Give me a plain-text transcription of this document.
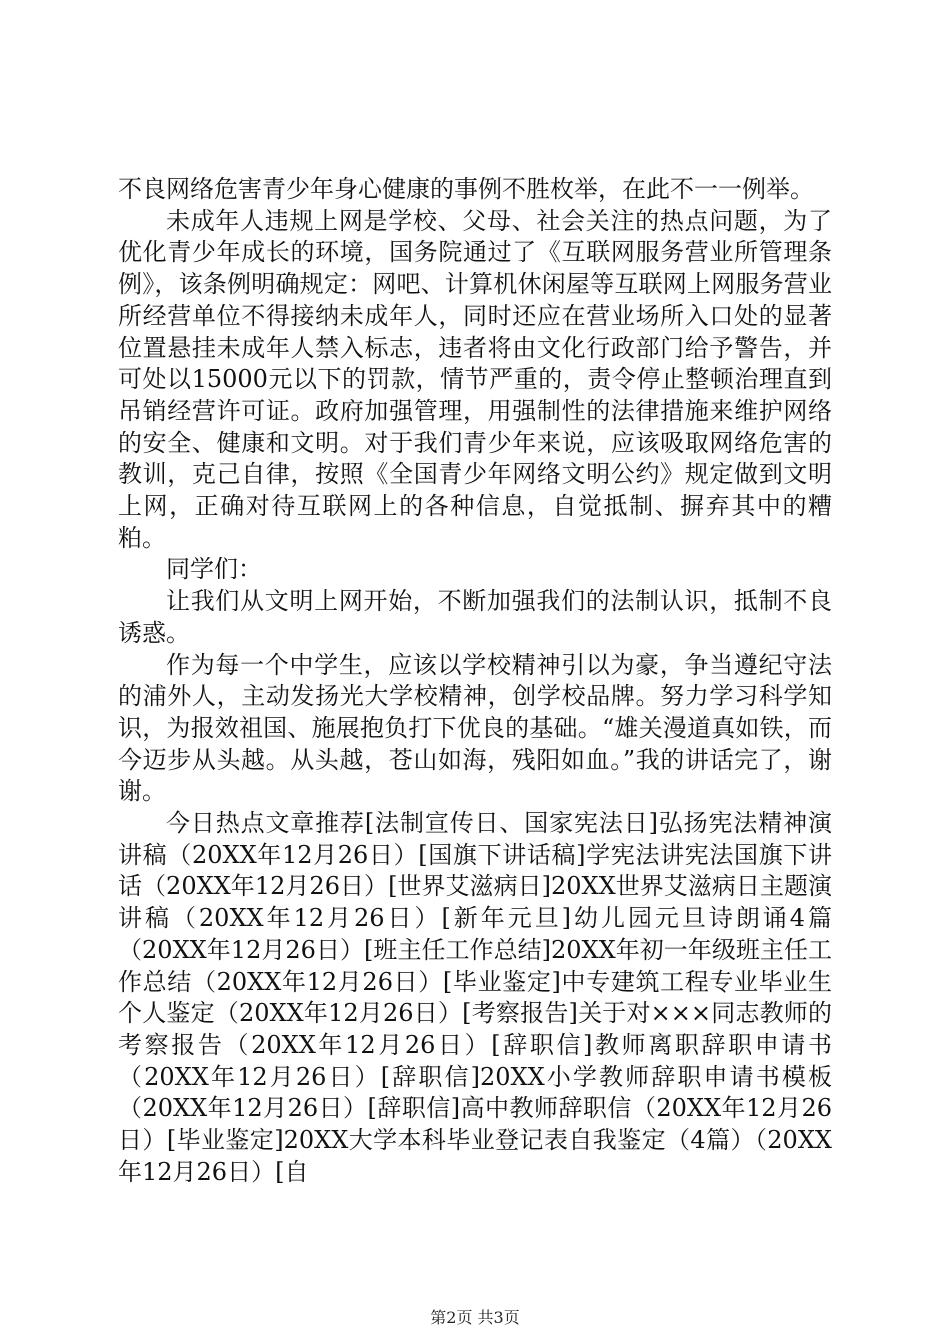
不良网络危害青少年身心健康的事例不胜枚举，在此不一一例举。

未成年人违规上网是学校、父母、社会关注的热点问题，为了优化青少年成长的环境，国务院通过了《互联网服务营业所管理条例》，该条例明确规定：网吧、计算机休闲屋等互联网上网服务营业所经营单位不得接纳未成年人，同时还应在营业场所入口处的显著位置悬挂未成年人禁入标志，违者将由文化行政部门给予警告，并可处以15000元以下的罚款，情节严重的，责令停止整顿治理直到吊销经营许可证。政府加强管理，用强制性的法律措施来维护网络的安全、健康和文明。对于我们青少年来说，应该吸取网络危害的教训，克己自律，按照《全国青少年网络文明公约》规定做到文明上网，正确对待互联网上的各种信息，自觉抵制、摒弃其中的糟粕。

同学们：

让我们从文明上网开始，不断加强我们的法制认识，抵制不良诱惑。

作为每一个中学生，应该以学校精神引以为豪，争当遵纪守法的浦外人，主动发扬光大学校精神，创学校品牌。努力学习科学知识，为报效祖国、施展抱负打下优良的基础。“雄关漫道真如铁，而今迈步从头越。从头越，苍山如海，残阳如血。”我的讲话完了，谢谢。

今日热点文章推荐[法制宣传日、国家宪法日]弘扬宪法精神演讲稿（20XX年12月26日）[国旗下讲话稿]学宪法讲宪法国旗下讲话（20XX年12月26日）[世界艾滋病日]20XX世界艾滋病日主题演讲稿（20XX年12月26日）[新年元旦]幼儿园元旦诗朗诵4篇（20XX年12月26日）[班主任工作总结]20XX年初一年级班主任工作总结（20XX年12月26日）[毕业鉴定]中专建筑工程专业毕业生个人鉴定（20XX年12月26日）[考察报告]关于对×××同志教师的考察报告（20XX年12月26日）[辞职信]教师离职辞职申请书（20XX年12月26日）[辞职信]20XX小学教师辞职申请书模板（20XX年12月26日）[辞职信]高中教师辞职信（20XX年12月26日）[毕业鉴定]20XX大学本科毕业登记表自我鉴定（4篇）（20XX年12月26日）[自

第2页 共3页
